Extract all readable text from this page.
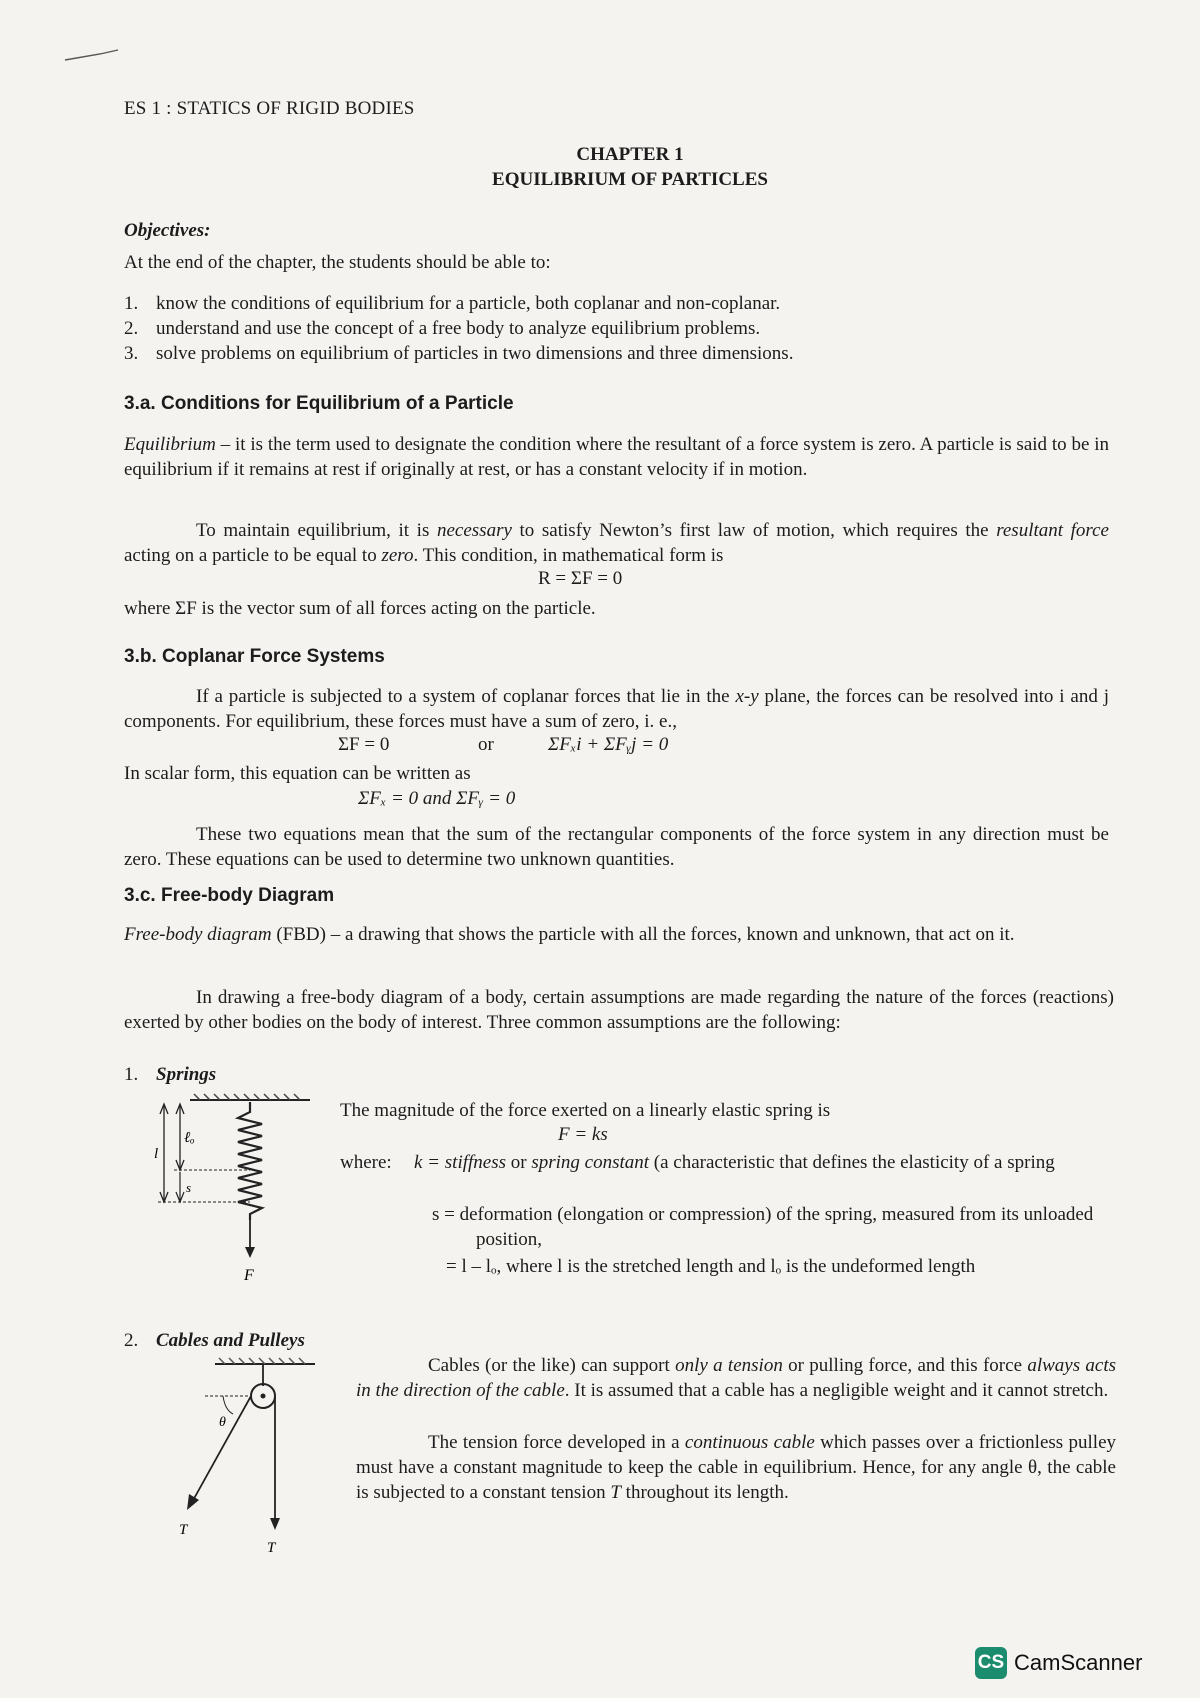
ES 1 : STATICS OF RIGID BODIES
CHAPTER 1
EQUILIBRIUM OF PARTICLES
Objectives:
At the end of the chapter, the students should be able to:
1. know the conditions of equilibrium for a particle, both coplanar and non-coplanar.
2. understand and use the concept of a free body to analyze equilibrium problems.
3. solve problems on equilibrium of particles in two dimensions and three dimensions.
3.a. Conditions for Equilibrium of a Particle
Equilibrium – it is the term used to designate the condition where the resultant of a force system is zero. A particle is said to be in equilibrium if it remains at rest if originally at rest, or has a constant velocity if in motion.
To maintain equilibrium, it is necessary to satisfy Newton’s first law of motion, which requires the resultant force acting on a particle to be equal to zero. This condition, in mathematical form is
R = ΣF = 0
where ΣF is the vector sum of all forces acting on the particle.
3.b. Coplanar Force Systems
If a particle is subjected to a system of coplanar forces that lie in the x-y plane, the forces can be resolved into i and j components. For equilibrium, these forces must have a sum of zero, i. e.,
ΣF = 0	or	ΣFₓi + ΣFᵧj = 0
In scalar form, this equation can be written as
ΣFₓ = 0 and ΣFᵧ = 0
These two equations mean that the sum of the rectangular components of the force system in any direction must be zero. These equations can be used to determine two unknown quantities.
3.c. Free-body Diagram
Free-body diagram (FBD) – a drawing that shows the particle with all the forces, known and unknown, that act on it.
In drawing a free-body diagram of a body, certain assumptions are made regarding the nature of the forces (reactions) exerted by other bodies on the body of interest. Three common assumptions are the following:
1. Springs
l
ℓₒ
s
F
The magnitude of the force exerted on a linearly elastic spring is
F = ks
where: k = stiffness or spring constant (a characteristic that defines the elasticity of a spring
s = deformation (elongation or compression) of the spring, measured from its unloaded position,
= l – lₒ, where l is the stretched length and lₒ is the undeformed length
2. Cables and Pulleys
θ
T
T
Cables (or the like) can support only a tension or pulling force, and this force always acts in the direction of the cable. It is assumed that a cable has a negligible weight and it cannot stretch.
The tension force developed in a continuous cable which passes over a frictionless pulley must have a constant magnitude to keep the cable in equilibrium. Hence, for any angle θ, the cable is subjected to a constant tension T throughout its length.
CS CamScanner
